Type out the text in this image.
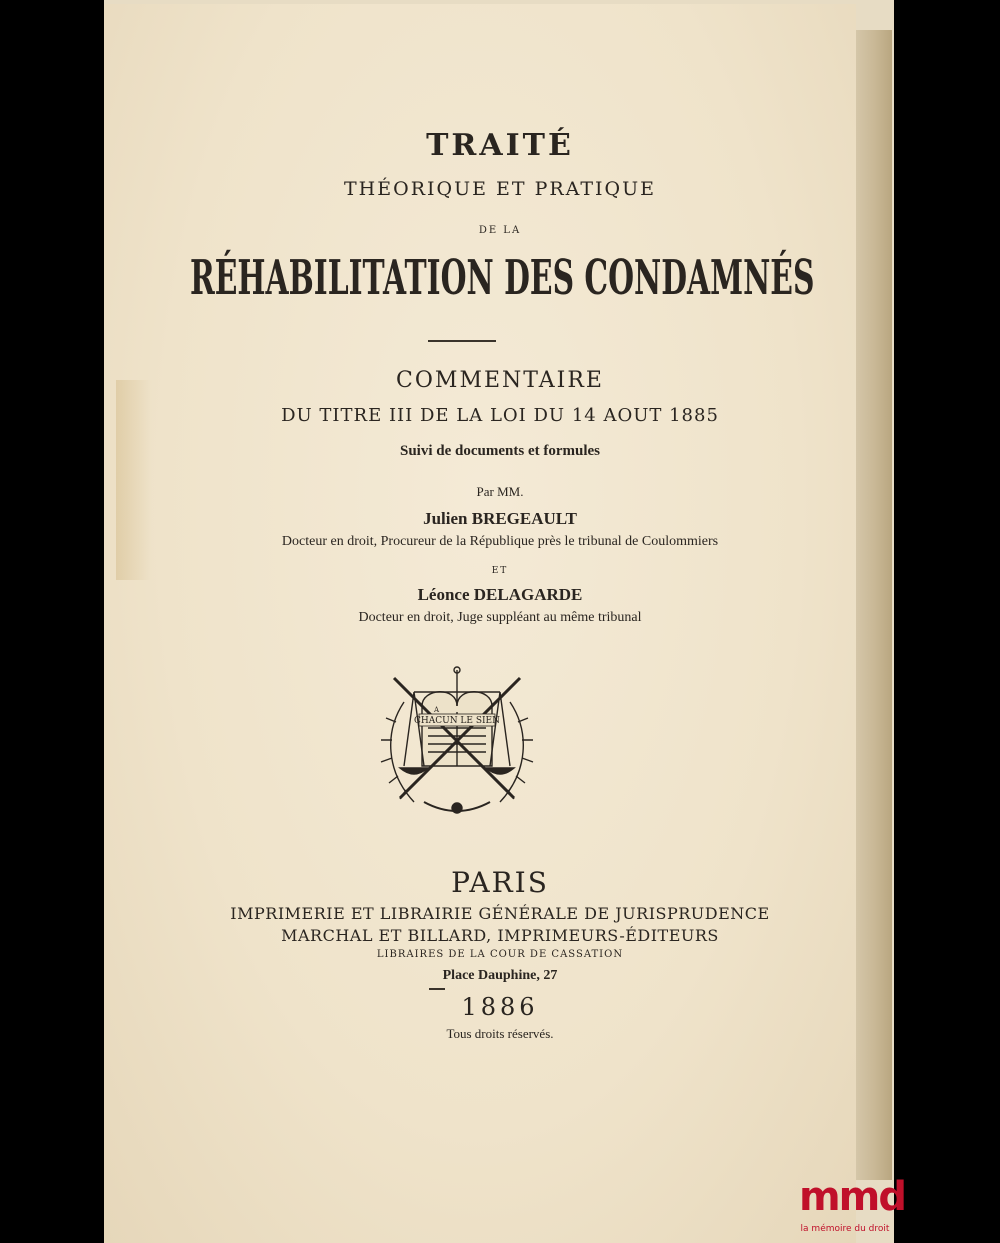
TRAITÉ
THÉORIQUE ET PRATIQUE
DE LA
RÉHABILITATION DES CONDAMNÉS
COMMENTAIRE
DU TITRE III DE LA LOI DU 14 AOUT 1885
Suivi de documents et formules
Par MM.
Julien BREGEAULT
Docteur en droit, Procureur de la République près le tribunal de Coulommiers
ET
Léonce DELAGARDE
Docteur en droit, Juge suppléant au même tribunal
A
CHACUN LE SIEN
PARIS
IMPRIMERIE ET LIBRAIRIE GÉNÉRALE DE JURISPRUDENCE
MARCHAL ET BILLARD, IMPRIMEURS-ÉDITEURS
LIBRAIRES DE LA COUR DE CASSATION
Place Dauphine, 27
1886
Tous droits réservés.
mmd
la mémoire du droit
